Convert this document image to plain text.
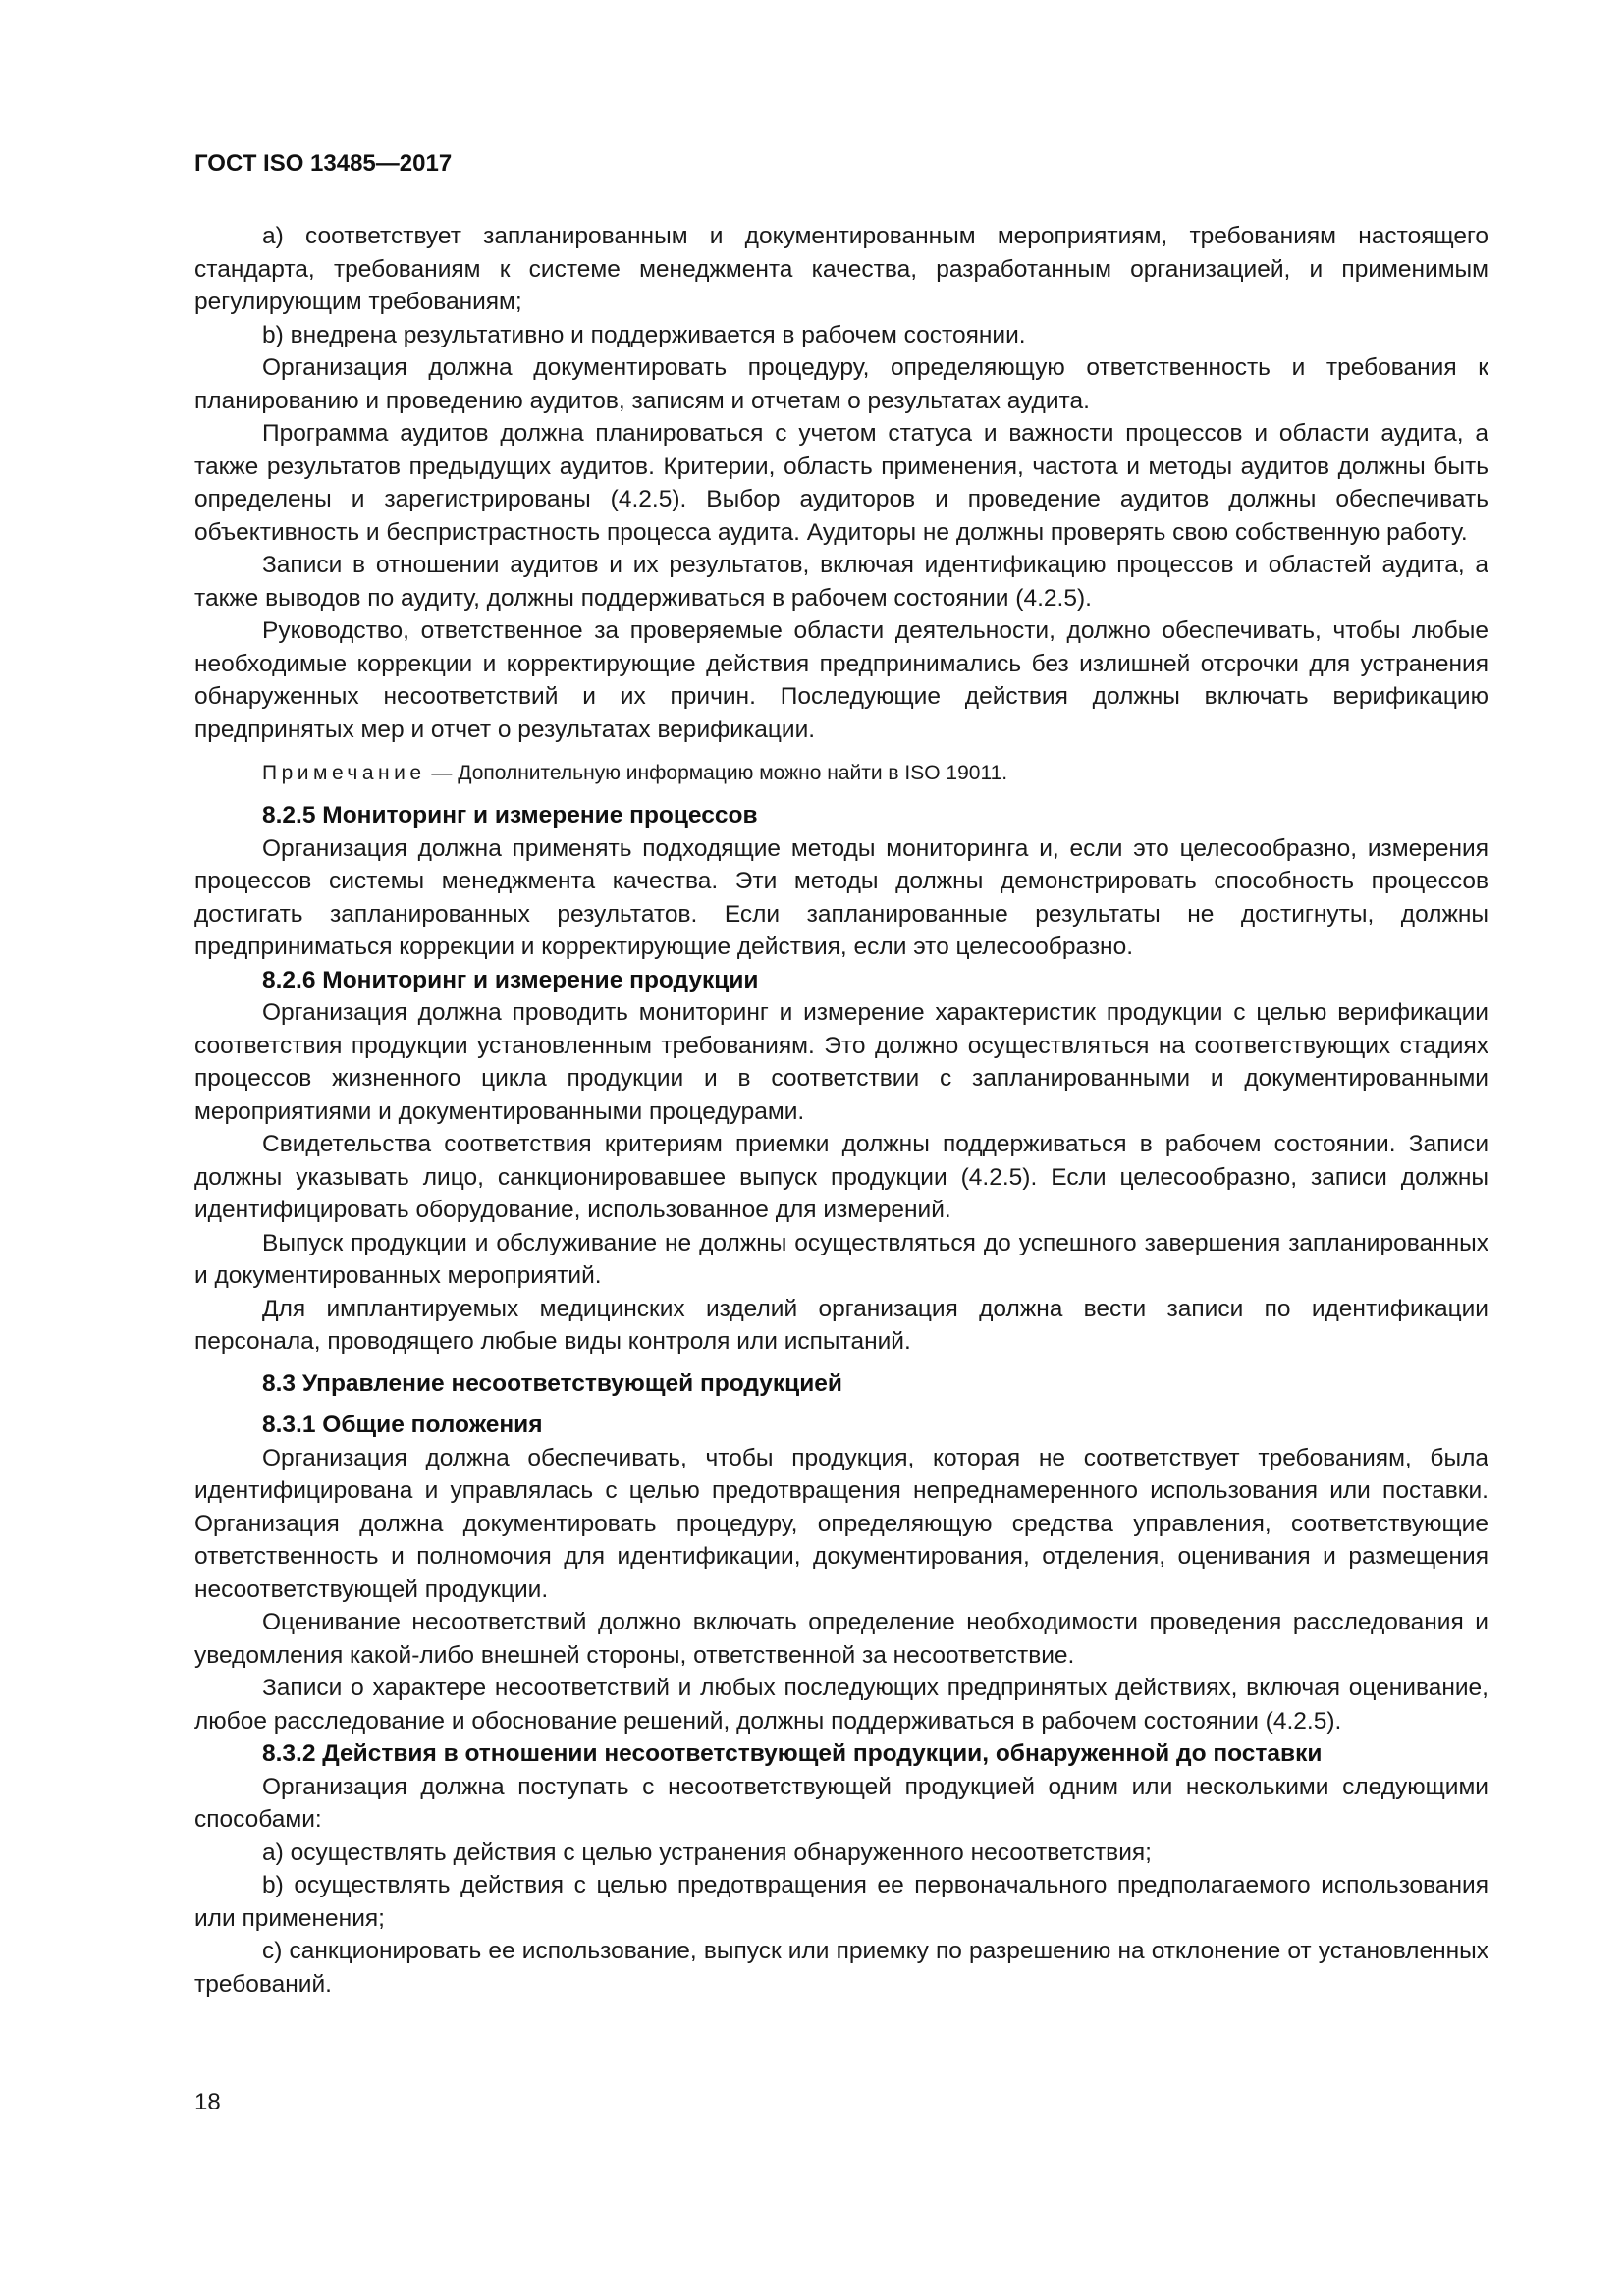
ГОСТ ISO 13485—2017

a) соответствует запланированным и документированным мероприятиям, требованиям настоящего стандарта, требованиям к системе менеджмента качества, разработанным организацией, и применимым регулирующим требованиям;

b) внедрена результативно и поддерживается в рабочем состоянии.

Организация должна документировать процедуру, определяющую ответственность и требования к планированию и проведению аудитов, записям и отчетам о результатах аудита.

Программа аудитов должна планироваться с учетом статуса и важности процессов и области аудита, а также результатов предыдущих аудитов. Критерии, область применения, частота и методы аудитов должны быть определены и зарегистрированы (4.2.5). Выбор аудиторов и проведение аудитов должны обеспечивать объективность и беспристрастность процесса аудита. Аудиторы не должны проверять свою собственную работу.

Записи в отношении аудитов и их результатов, включая идентификацию процессов и областей аудита, а также выводов по аудиту, должны поддерживаться в рабочем состоянии (4.2.5).

Руководство, ответственное за проверяемые области деятельности, должно обеспечивать, чтобы любые необходимые коррекции и корректирующие действия предпринимались без излишней отсрочки для устранения обнаруженных несоответствий и их причин. Последующие действия должны включать верификацию предпринятых мер и отчет о результатах верификации.

Примечание — Дополнительную информацию можно найти в ISO 19011.

8.2.5 Мониторинг и измерение процессов

Организация должна применять подходящие методы мониторинга и, если это целесообразно, измерения процессов системы менеджмента качества. Эти методы должны демонстрировать способность процессов достигать запланированных результатов. Если запланированные результаты не достигнуты, должны предприниматься коррекции и корректирующие действия, если это целесообразно.

8.2.6 Мониторинг и измерение продукции

Организация должна проводить мониторинг и измерение характеристик продукции с целью верификации соответствия продукции установленным требованиям. Это должно осуществляться на соответствующих стадиях процессов жизненного цикла продукции и в соответствии с запланированными и документированными мероприятиями и документированными процедурами.

Свидетельства соответствия критериям приемки должны поддерживаться в рабочем состоянии. Записи должны указывать лицо, санкционировавшее выпуск продукции (4.2.5). Если целесообразно, записи должны идентифицировать оборудование, использованное для измерений.

Выпуск продукции и обслуживание не должны осуществляться до успешного завершения запланированных и документированных мероприятий.

Для имплантируемых медицинских изделий организация должна вести записи по идентификации персонала, проводящего любые виды контроля или испытаний.

8.3 Управление несоответствующей продукцией
8.3.1 Общие положения

Организация должна обеспечивать, чтобы продукция, которая не соответствует требованиям, была идентифицирована и управлялась с целью предотвращения непреднамеренного использования или поставки. Организация должна документировать процедуру, определяющую средства управления, соответствующие ответственность и полномочия для идентификации, документирования, отделения, оценивания и размещения несоответствующей продукции.

Оценивание несоответствий должно включать определение необходимости проведения расследования и уведомления какой-либо внешней стороны, ответственной за несоответствие.

Записи о характере несоответствий и любых последующих предпринятых действиях, включая оценивание, любое расследование и обоснование решений, должны поддерживаться в рабочем состоянии (4.2.5).

8.3.2 Действия в отношении несоответствующей продукции, обнаруженной до поставки

Организация должна поступать с несоответствующей продукцией одним или несколькими следующими способами:

a) осуществлять действия с целью устранения обнаруженного несоответствия;

b) осуществлять действия с целью предотвращения ее первоначального предполагаемого использования или применения;

c) санкционировать ее использование, выпуск или приемку по разрешению на отклонение от установленных требований.

18
